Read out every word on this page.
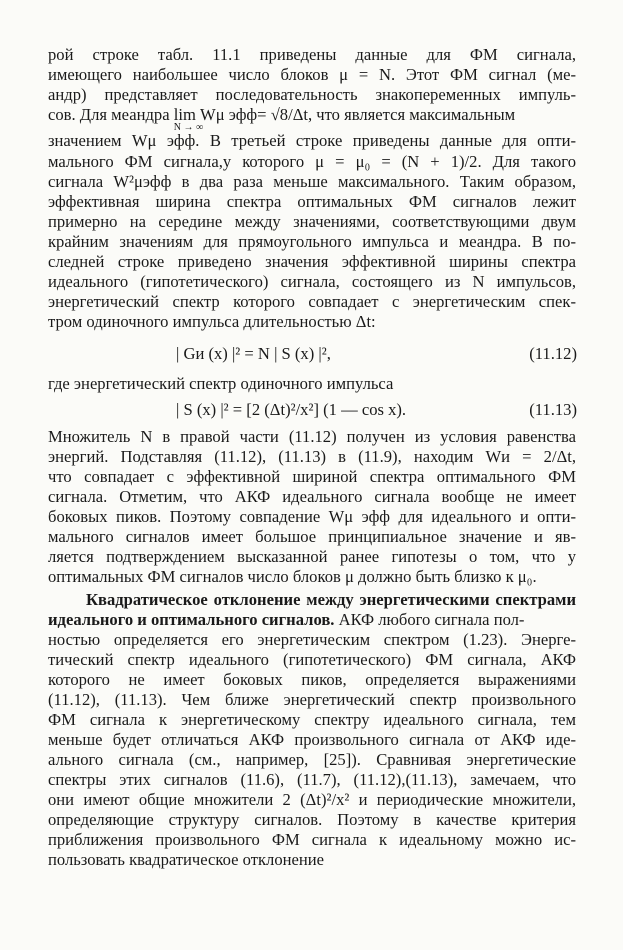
рой строке табл. 11.1 приведены данные для ФМ сигнала,
имеющего наибольшее число блоков μ = N. Этот ФМ сигнал (ме-
андр) представляет последовательность знакопеременных импуль-
сов. Для меандра lim
N → ∞
Wμ эфф= √8/Δt, что является максимальным
значением Wμ эфф. В третьей строке приведены данные для опти-
мального ФМ сигнала,у которого μ = μ₀ = (N + 1)/2. Для такого
сигнала W²μэфф в два раза меньше максимального. Таким образом,
эффективная ширина спектра оптимальных ФМ сигналов лежит
примерно на середине между значениями, соответствующими двум
крайним значениям для прямоугольного импульса и меандра. В по-
следней строке приведено значения эффективной ширины спектра
идеального (гипотетического) сигнала, состоящего из N импульсов,
энергетический спектр которого совпадает с энергетическим спек-
тром одиночного импульса длительностью Δt:
| Gи (x) |² = N | S (x) |²,	(11.12)
где энергетический спектр одиночного импульса
| S (x) |² = [2 (Δt)²/x²] (1 — cos x).	(11.13)
Множитель N в правой части (11.12) получен из условия равенства
энергий. Подставляя (11.12), (11.13) в (11.9), находим Wи = 2/Δt,
что совпадает с эффективной шириной спектра оптимального ФМ
сигнала. Отметим, что АКФ идеального сигнала вообще не имеет
боковых пиков. Поэтому совпадение Wμ эфф для идеального и опти-
мального сигналов имеет большое принципиальное значение и яв-
ляется подтверждением высказанной ранее гипотезы о том, что у
оптимальных ФМ сигналов число блоков μ должно быть близко к μ₀.
Квадратическое отклонение между энергетическими спектрами
идеального и оптимального сигналов. АКФ любого сигнала пол-
ностью определяется его энергетическим спектром (1.23). Энерге-
тический спектр идеального (гипотетического) ФМ сигнала, АКФ
которого не имеет боковых пиков, определяется выражениями
(11.12), (11.13). Чем ближе энергетический спектр произвольного
ФМ сигнала к энергетическому спектру идеального сигнала, тем
меньше будет отличаться АКФ произвольного сигнала от АКФ иде-
ального сигнала (см., например, [25]). Сравнивая энергетические
спектры этих сигналов (11.6), (11.7), (11.12),(11.13), замечаем, что
они имеют общие множители 2 (Δt)²/x² и периодические множители,
определяющие структуру сигналов. Поэтому в качестве критерия
приближения произвольного ФМ сигнала к идеальному можно ис-
пользовать квадратическое отклонение
